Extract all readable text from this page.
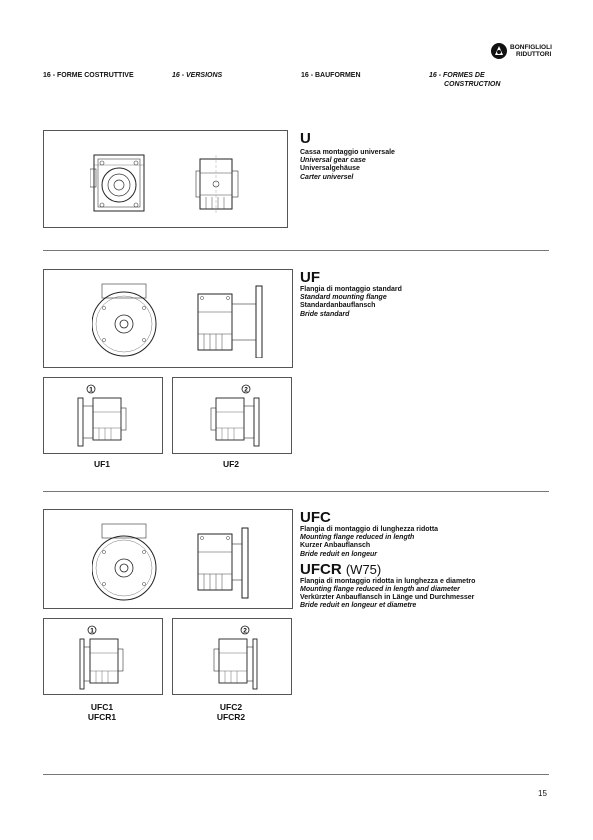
BONFIGLIOLI
RIDUTTORI
16 - FORME COSTRUTTIVE	16 - VERSIONS	16 - BAUFORMEN	16 - FORMES DE
CONSTRUCTION
U
Cassa montaggio universale
Universal gear case
Universalgehäuse
Carter universel
UF
Flangia di montaggio standard
Standard mounting flange
Standardanbauflansch
Bride standard
1	2
UF1	UF2
UFC
Flangia di montaggio di lunghezza ridotta
Mounting flange reduced in length
Kurzer Anbauflansch
Bride reduit en longeur
UFCR (W75)
Flangia di montaggio ridotta in lunghezza e diametro
Mounting flange reduced in length and diameter
Verkürzter Anbauflansch in Länge und Durchmesser
Bride reduit en longeur et diametre
1	2
UFC1
UFCR1
UFC2
UFCR2
15
